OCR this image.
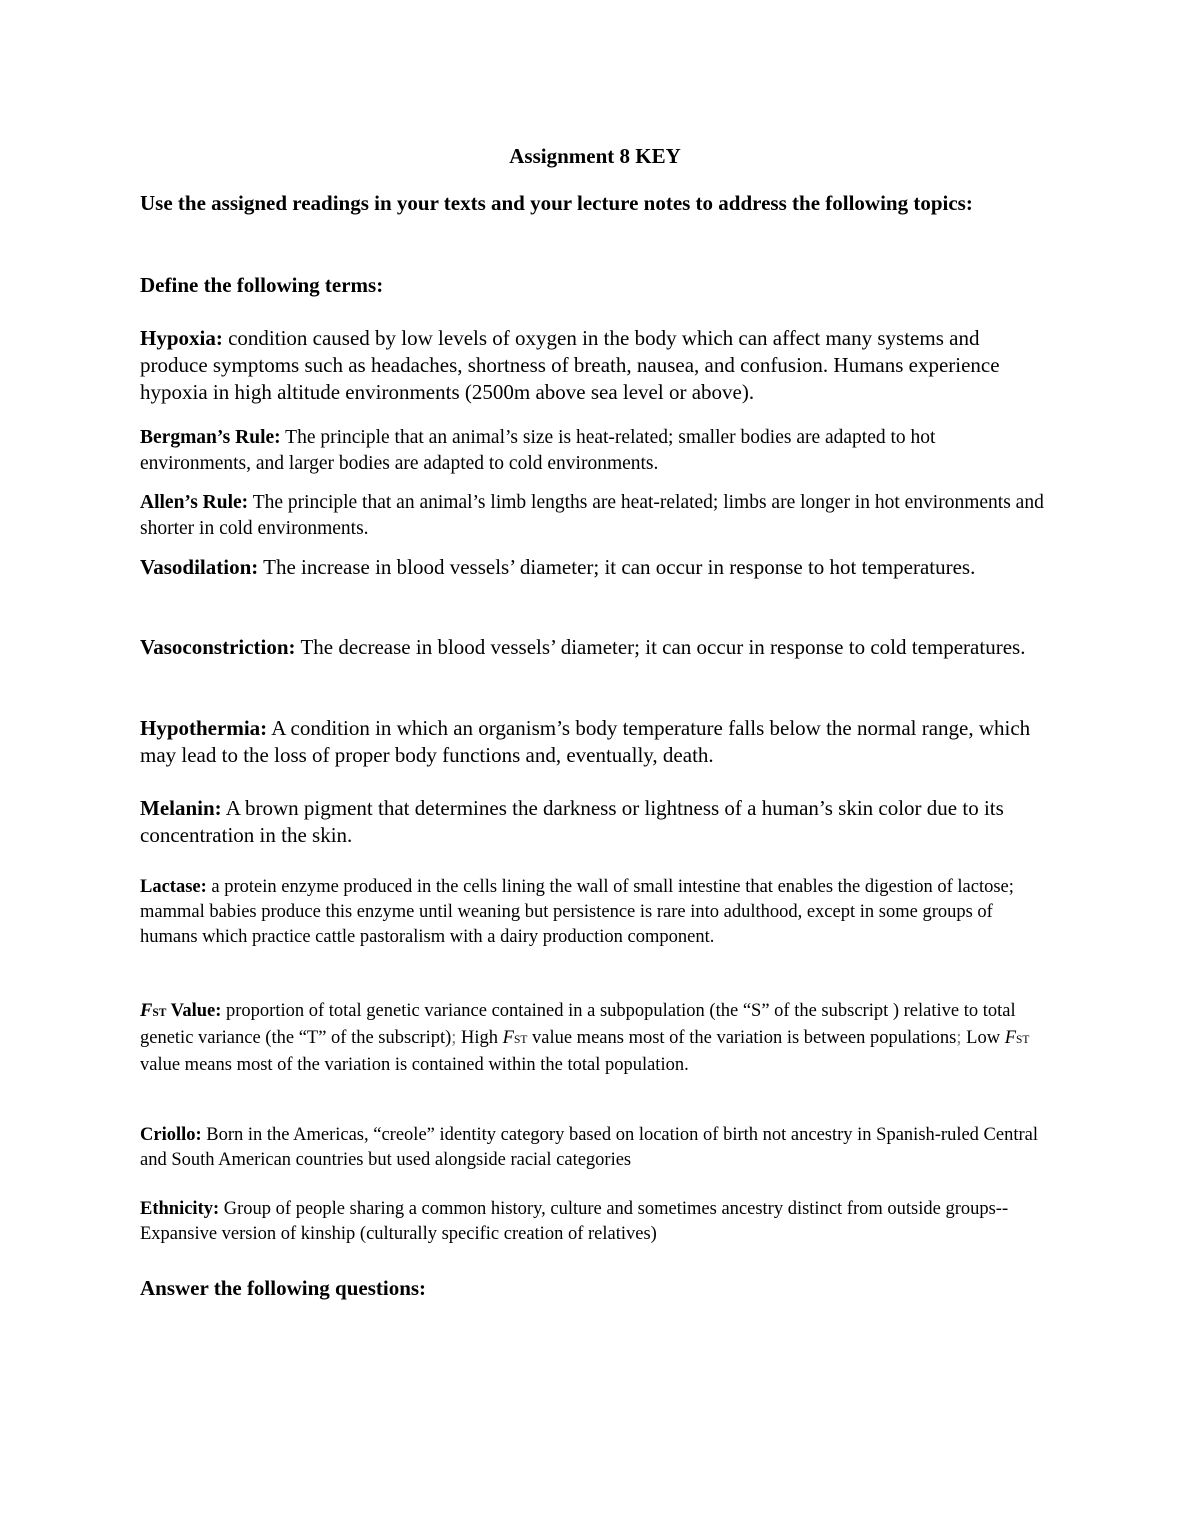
Assignment 8 KEY

Use the assigned readings in your texts and your lecture notes to address the following topics:

Define the following terms:

Hypoxia: condition caused by low levels of oxygen in the body which can affect many systems and produce symptoms such as headaches, shortness of breath, nausea, and confusion. Humans experience hypoxia in high altitude environments (2500m above sea level or above).

Bergman’s Rule: The principle that an animal’s size is heat-related; smaller bodies are adapted to hot environments, and larger bodies are adapted to cold environments.

Allen’s Rule: The principle that an animal’s limb lengths are heat-related; limbs are longer in hot environments and shorter in cold environments.

Vasodilation: The increase in blood vessels’ diameter; it can occur in response to hot temperatures.

Vasoconstriction: The decrease in blood vessels’ diameter; it can occur in response to cold temperatures.

Hypothermia: A condition in which an organism’s body temperature falls below the normal range, which may lead to the loss of proper body functions and, eventually, death.

Melanin: A brown pigment that determines the darkness or lightness of a human’s skin color due to its concentration in the skin.

Lactase: a protein enzyme produced in the cells lining the wall of small intestine that enables the digestion of lactose; mammal babies produce this enzyme until weaning but persistence is rare into adulthood, except in some groups of humans which practice cattle pastoralism with a dairy production component.

FST Value: proportion of total genetic variance contained in a subpopulation (the “S” of the subscript ) relative to total genetic variance (the “T” of the subscript); High FST value means most of the variation is between populations; Low FST value means most of the variation is contained within the total population.

Criollo: Born in the Americas, “creole” identity category based on location of birth not ancestry in Spanish-ruled Central and South American countries but used alongside racial categories

Ethnicity: Group of people sharing a common history, culture and sometimes ancestry distinct from outside groups--Expansive version of kinship (culturally specific creation of relatives)

Answer the following questions:
